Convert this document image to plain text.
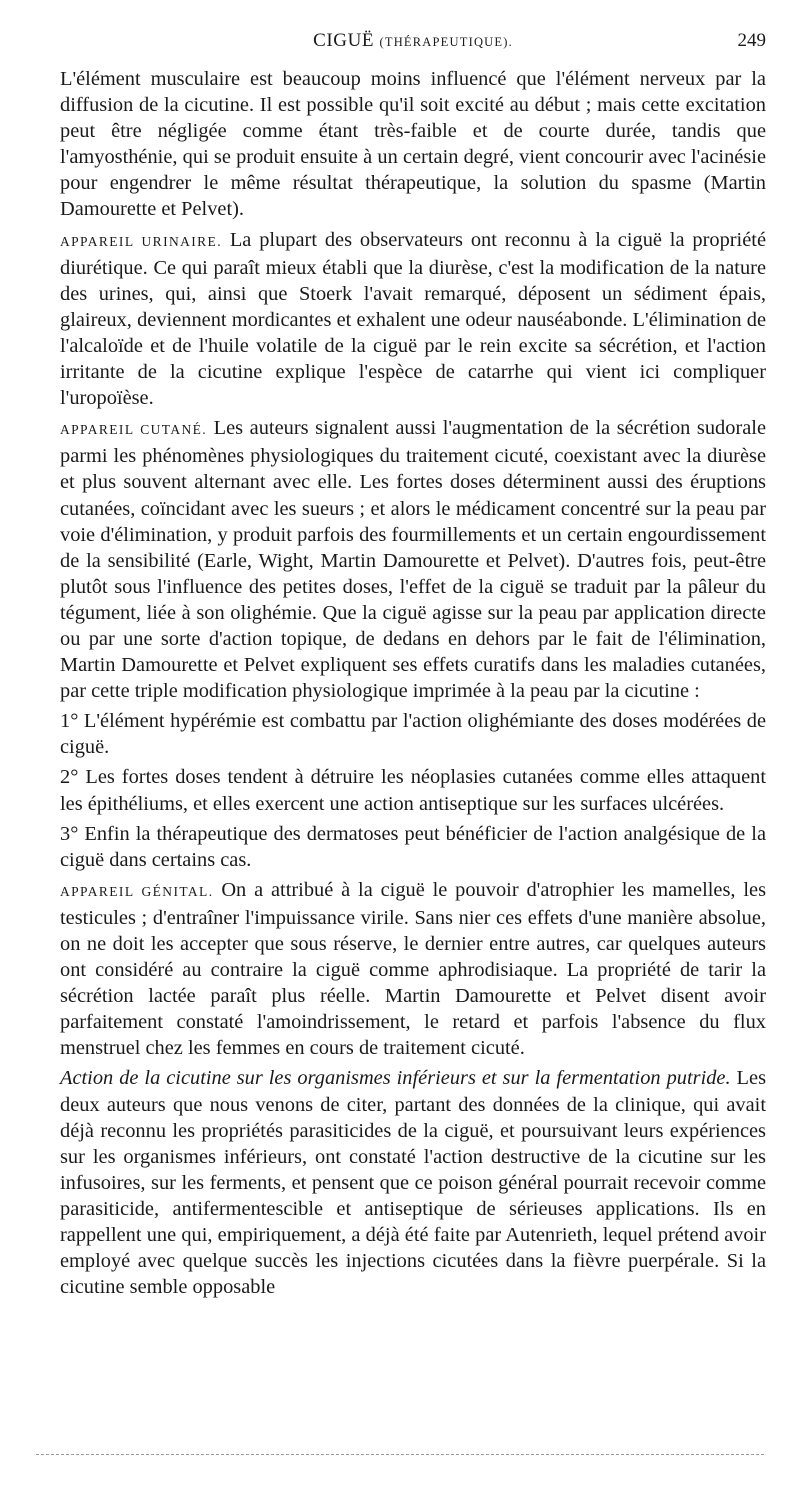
CIGUË (THÉRAPEUTIQUE).	249

L'élément musculaire est beaucoup moins influencé que l'élément nerveux par la diffusion de la cicutine. Il est possible qu'il soit excité au début ; mais cette excitation peut être négligée comme étant très-faible et de courte durée, tandis que l'amyosthénie, qui se produit ensuite à un certain degré, vient concourir avec l'acinésie pour engendrer le même résultat thérapeutique, la solution du spasme (Martin Damourette et Pelvet).

APPAREIL URINAIRE. La plupart des observateurs ont reconnu à la ciguë la propriété diurétique. Ce qui paraît mieux établi que la diurèse, c'est la modification de la nature des urines, qui, ainsi que Stoerk l'avait remarqué, déposent un sédiment épais, glaireux, deviennent mordicantes et exhalent une odeur nauséabonde. L'élimination de l'alcaloïde et de l'huile volatile de la ciguë par le rein excite sa sécrétion, et l'action irritante de la cicutine explique l'espèce de catarrhe qui vient ici compliquer l'uropoïèse.

APPAREIL CUTANÉ. Les auteurs signalent aussi l'augmentation de la sécrétion sudorale parmi les phénomènes physiologiques du traitement cicuté, coexistant avec la diurèse et plus souvent alternant avec elle. Les fortes doses déterminent aussi des éruptions cutanées, coïncidant avec les sueurs ; et alors le médicament concentré sur la peau par voie d'élimination, y produit parfois des fourmillements et un certain engourdissement de la sensibilité (Earle, Wight, Martin Damourette et Pelvet). D'autres fois, peut-être plutôt sous l'influence des petites doses, l'effet de la ciguë se traduit par la pâleur du tégument, liée à son olighémie. Que la ciguë agisse sur la peau par application directe ou par une sorte d'action topique, de dedans en dehors par le fait de l'élimination, Martin Damourette et Pelvet expliquent ses effets curatifs dans les maladies cutanées, par cette triple modification physiologique imprimée à la peau par la cicutine :

1° L'élément hypérémie est combattu par l'action olighémiante des doses modérées de ciguë.

2° Les fortes doses tendent à détruire les néoplasies cutanées comme elles attaquent les épithéliums, et elles exercent une action antiseptique sur les surfaces ulcérées.

3° Enfin la thérapeutique des dermatoses peut bénéficier de l'action analgésique de la ciguë dans certains cas.

APPAREIL GÉNITAL. On a attribué à la ciguë le pouvoir d'atrophier les mamelles, les testicules ; d'entraîner l'impuissance virile. Sans nier ces effets d'une manière absolue, on ne doit les accepter que sous réserve, le dernier entre autres, car quelques auteurs ont considéré au contraire la ciguë comme aphrodisiaque. La propriété de tarir la sécrétion lactée paraît plus réelle. Martin Damourette et Pelvet disent avoir parfaitement constaté l'amoindrissement, le retard et parfois l'absence du flux menstruel chez les femmes en cours de traitement cicuté.

Action de la cicutine sur les organismes inférieurs et sur la fermentation putride. Les deux auteurs que nous venons de citer, partant des données de la clinique, qui avait déjà reconnu les propriétés parasiticides de la ciguë, et poursuivant leurs expériences sur les organismes inférieurs, ont constaté l'action destructive de la cicutine sur les infusoires, sur les ferments, et pensent que ce poison général pourrait recevoir comme parasiticide, antifermentescible et antiseptique de sérieuses applications. Ils en rappellent une qui, empiriquement, a déjà été faite par Autenrieth, lequel prétend avoir employé avec quelque succès les injections cicutées dans la fièvre puerpérale. Si la cicutine semble opposable
